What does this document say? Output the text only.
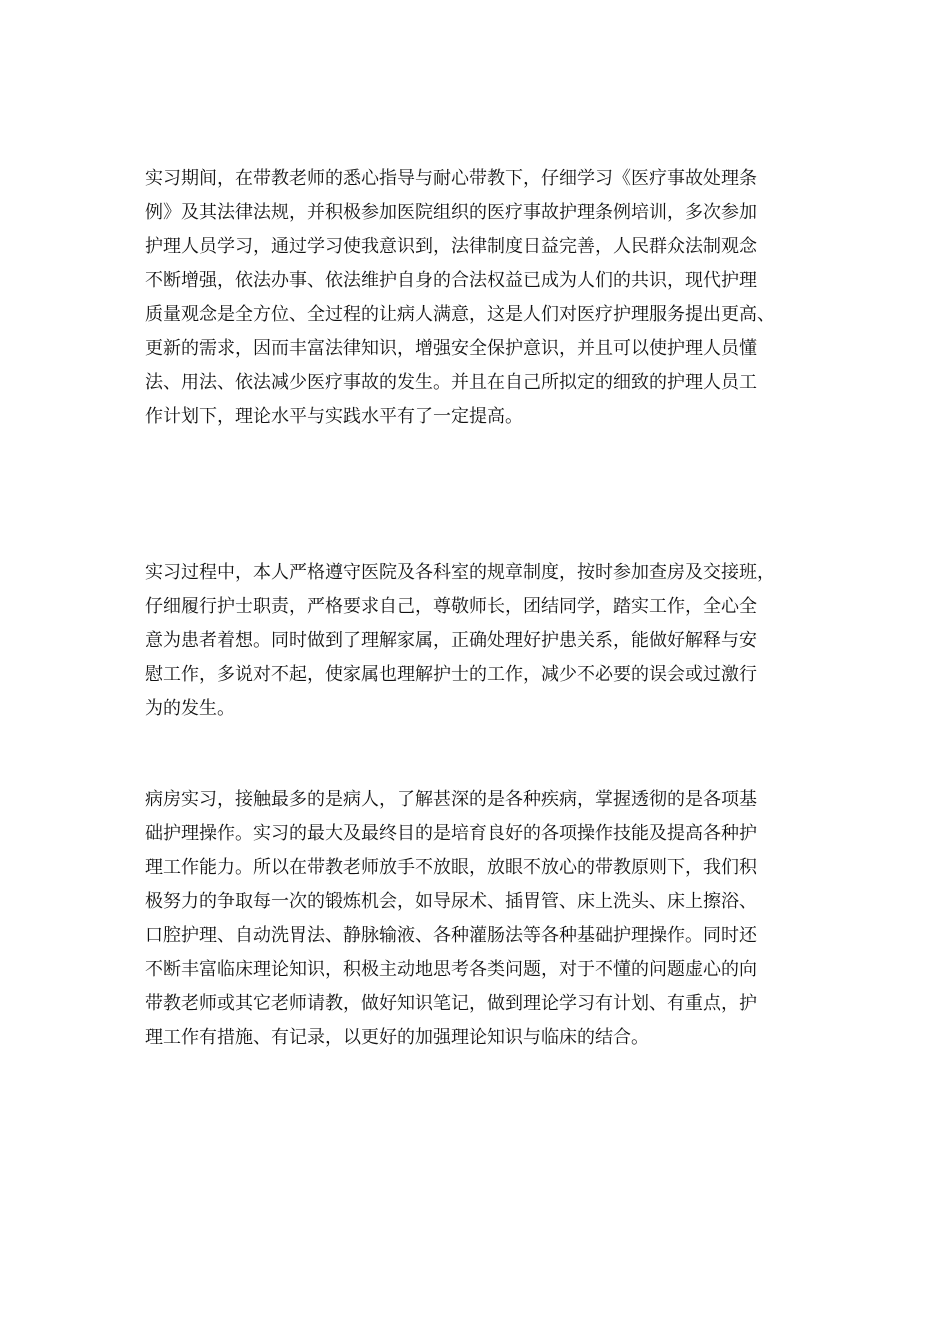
实习期间，在带教老师的悉心指导与耐心带教下，仔细学习《医疗事故处理条
例》及其法律法规，并积极参加医院组织的医疗事故护理条例培训，多次参加
护理人员学习，通过学习使我意识到，法律制度日益完善，人民群众法制观念
不断增强，依法办事、依法维护自身的合法权益已成为人们的共识，现代护理
质量观念是全方位、全过程的让病人满意，这是人们对医疗护理服务提出更高、
更新的需求，因而丰富法律知识，增强安全保护意识，并且可以使护理人员懂
法、用法、依法减少医疗事故的发生。并且在自己所拟定的细致的护理人员工
作计划下，理论水平与实践水平有了一定提高。

实习过程中，本人严格遵守医院及各科室的规章制度，按时参加查房及交接班，
仔细履行护士职责，严格要求自己，尊敬师长，团结同学，踏实工作，全心全
意为患者着想。同时做到了理解家属，正确处理好护患关系，能做好解释与安
慰工作，多说对不起，使家属也理解护士的工作，减少不必要的误会或过激行
为的发生。

病房实习，接触最多的是病人，了解甚深的是各种疾病，掌握透彻的是各项基
础护理操作。实习的最大及最终目的是培育良好的各项操作技能及提高各种护
理工作能力。所以在带教老师放手不放眼，放眼不放心的带教原则下，我们积
极努力的争取每一次的锻炼机会，如导尿术、插胃管、床上洗头、床上擦浴、
口腔护理、自动洗胃法、静脉输液、各种灌肠法等各种基础护理操作。同时还
不断丰富临床理论知识，积极主动地思考各类问题，对于不懂的问题虚心的向
带教老师或其它老师请教，做好知识笔记，做到理论学习有计划、有重点，护
理工作有措施、有记录，以更好的加强理论知识与临床的结合。
